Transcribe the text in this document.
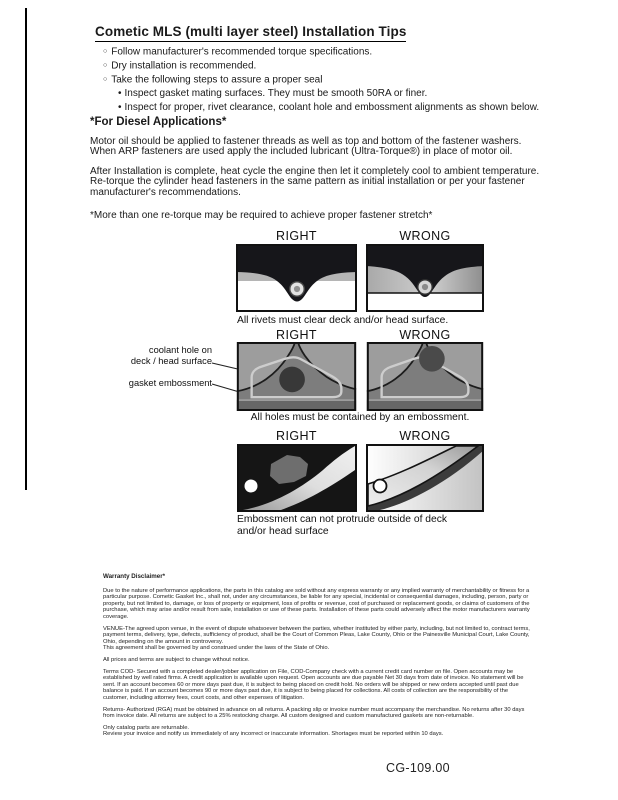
Cometic MLS (multi layer steel) Installation Tips
○ Follow manufacturer's recommended torque specifications.
○ Dry installation is recommended.
○ Take the following steps to assure a proper seal
• Inspect gasket mating surfaces. They must be smooth 50RA or finer.
• Inspect for proper, rivet clearance, coolant hole and embossment alignments as shown below.
*For Diesel Applications*

Motor oil should be applied to fastener threads as well as top and bottom of the fastener washers. When ARP fasteners are used apply the included lubricant (Ultra-Torque®) in place of motor oil.

After Installation is complete, heat cycle the engine then let it completely cool to ambient temperature. Re-torque the cylinder head fasteners in the same pattern as initial installation or per your fastener manufacturer's recommendations.

*More than one re-torque may be required to achieve proper fastener stretch*

RIGHT	WRONG
All rivets must clear deck and/or head surface.
RIGHT	WRONG
coolant hole on
deck / head surface
gasket embossment
All holes must be contained by an embossment.
RIGHT	WRONG
Embossment can not protrude outside of deck
and/or head surface
Warranty Disclaimer*
Due to the nature of performance applications, the parts in this catalog are sold without any express warranty or any implied warranty of merchantability or fitness for a particular purpose. Cometic Gasket Inc., shall not, under any circumstances, be liable for any special, incidental or consequential damages, including, person, party or property, but not limited to, damage, or loss of property or equipment, loss of profits or revenue, cost of purchased or replacement goods, or claims of customers of the purchase, which may arise and/or result from sale, installation or use of these parts. Installation of these parts could adversely affect the motor manufacturers warranty coverage.
VENUE-The agreed upon venue, in the event of dispute whatsoever between the parties, whether instituted by either party, including, but not limited to, contract terms, payment terms, delivery, type, defects, sufficiency of product, shall be the Court of Common Pleas, Lake County, Ohio or the Painesville Municipal Court, Lake County, Ohio, depending on the amount in controversy.
This agreement shall be governed by and construed under the laws of the State of Ohio.
All prices and terms are subject to change without notice.
Terms COD- Secured with a completed dealer/jobber application on File, COD-Company check with a current credit card number on file. Open accounts may be established by well rated firms. A credit application is available upon request. Open accounts are due payable Net 30 days from date of invoice. No statement will be sent. If an account becomes 60 or more days past due, it is subject to being placed on credit hold. No orders will be shipped or new orders accepted until past due balance is paid. If an account becomes 90 or more days past due, it is subject to being placed for collections. All costs of collection are the responsibility of the customer, including attorney fees, court costs, and other expenses of litigation.
Returns- Authorized (RGA) must be obtained in advance on all returns. A packing slip or invoice number must accompany the merchandise. No returns after 30 days from invoice date. All returns are subject to a 25% restocking charge. All custom designed and custom manufactured gaskets are non-returnable.
Only catalog parts are returnable.
Review your invoice and notify us immediately of any incorrect or inaccurate information. Shortages must be reported within 10 days.
CG-109.00
